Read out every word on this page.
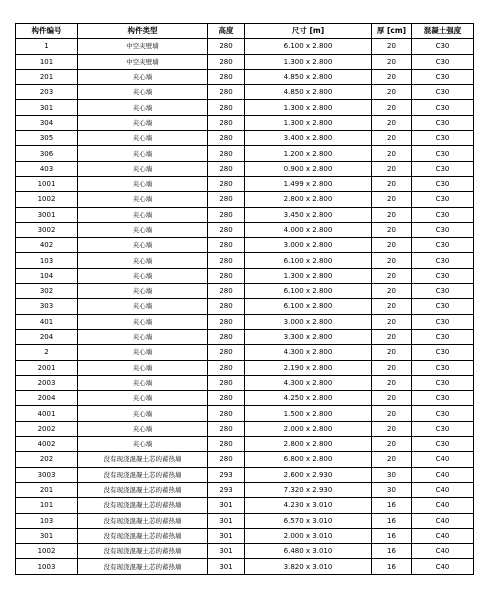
构件编号	构件类型	高度	尺寸 [m]	厚 [cm]	混凝土强度
1	中空夹壁墙	280	6.100 x 2.800	20	C30
101	中空夹壁墙	280	1.300 x 2.800	20	C30
201	夹心墙	280	4.850 x 2.800	20	C30
203	夹心墙	280	4.850 x 2.800	20	C30
301	夹心墙	280	1.300 x 2.800	20	C30
304	夹心墙	280	1.300 x 2.800	20	C30
305	夹心墙	280	3.400 x 2.800	20	C30
306	夹心墙	280	1.200 x 2.800	20	C30
403	夹心墙	280	0.900 x 2.800	20	C30
1001	夹心墙	280	1.499 x 2.800	20	C30
1002	夹心墙	280	2.800 x 2.800	20	C30
3001	夹心墙	280	3.450 x 2.800	20	C30
3002	夹心墙	280	4.000 x 2.800	20	C30
402	夹心墙	280	3.000 x 2.800	20	C30
103	夹心墙	280	6.100 x 2.800	20	C30
104	夹心墙	280	1.300 x 2.800	20	C30
302	夹心墙	280	6.100 x 2.800	20	C30
303	夹心墙	280	6.100 x 2.800	20	C30
401	夹心墙	280	3.000 x 2.800	20	C30
204	夹心墙	280	3.300 x 2.800	20	C30
2	夹心墙	280	4.300 x 2.800	20	C30
2001	夹心墙	280	2.190 x 2.800	20	C30
2003	夹心墙	280	4.300 x 2.800	20	C30
2004	夹心墙	280	4.250 x 2.800	20	C30
4001	夹心墙	280	1.500 x 2.800	20	C30
2002	夹心墙	280	2.000 x 2.800	20	C30
4002	夹心墙	280	2.800 x 2.800	20	C30
202	没有现浇混凝土芯的蓄热墙	280	6.800 x 2.800	20	C40
3003	没有现浇混凝土芯的蓄热墙	293	2.600 x 2.930	30	C40
201	没有现浇混凝土芯的蓄热墙	293	7.320 x 2.930	30	C40
101	没有现浇混凝土芯的蓄热墙	301	4.230 x 3.010	16	C40
103	没有现浇混凝土芯的蓄热墙	301	6.570 x 3.010	16	C40
301	没有现浇混凝土芯的蓄热墙	301	2.000 x 3.010	16	C40
1002	没有现浇混凝土芯的蓄热墙	301	6.480 x 3.010	16	C40
1003	没有现浇混凝土芯的蓄热墙	301	3.820 x 3.010	16	C40
